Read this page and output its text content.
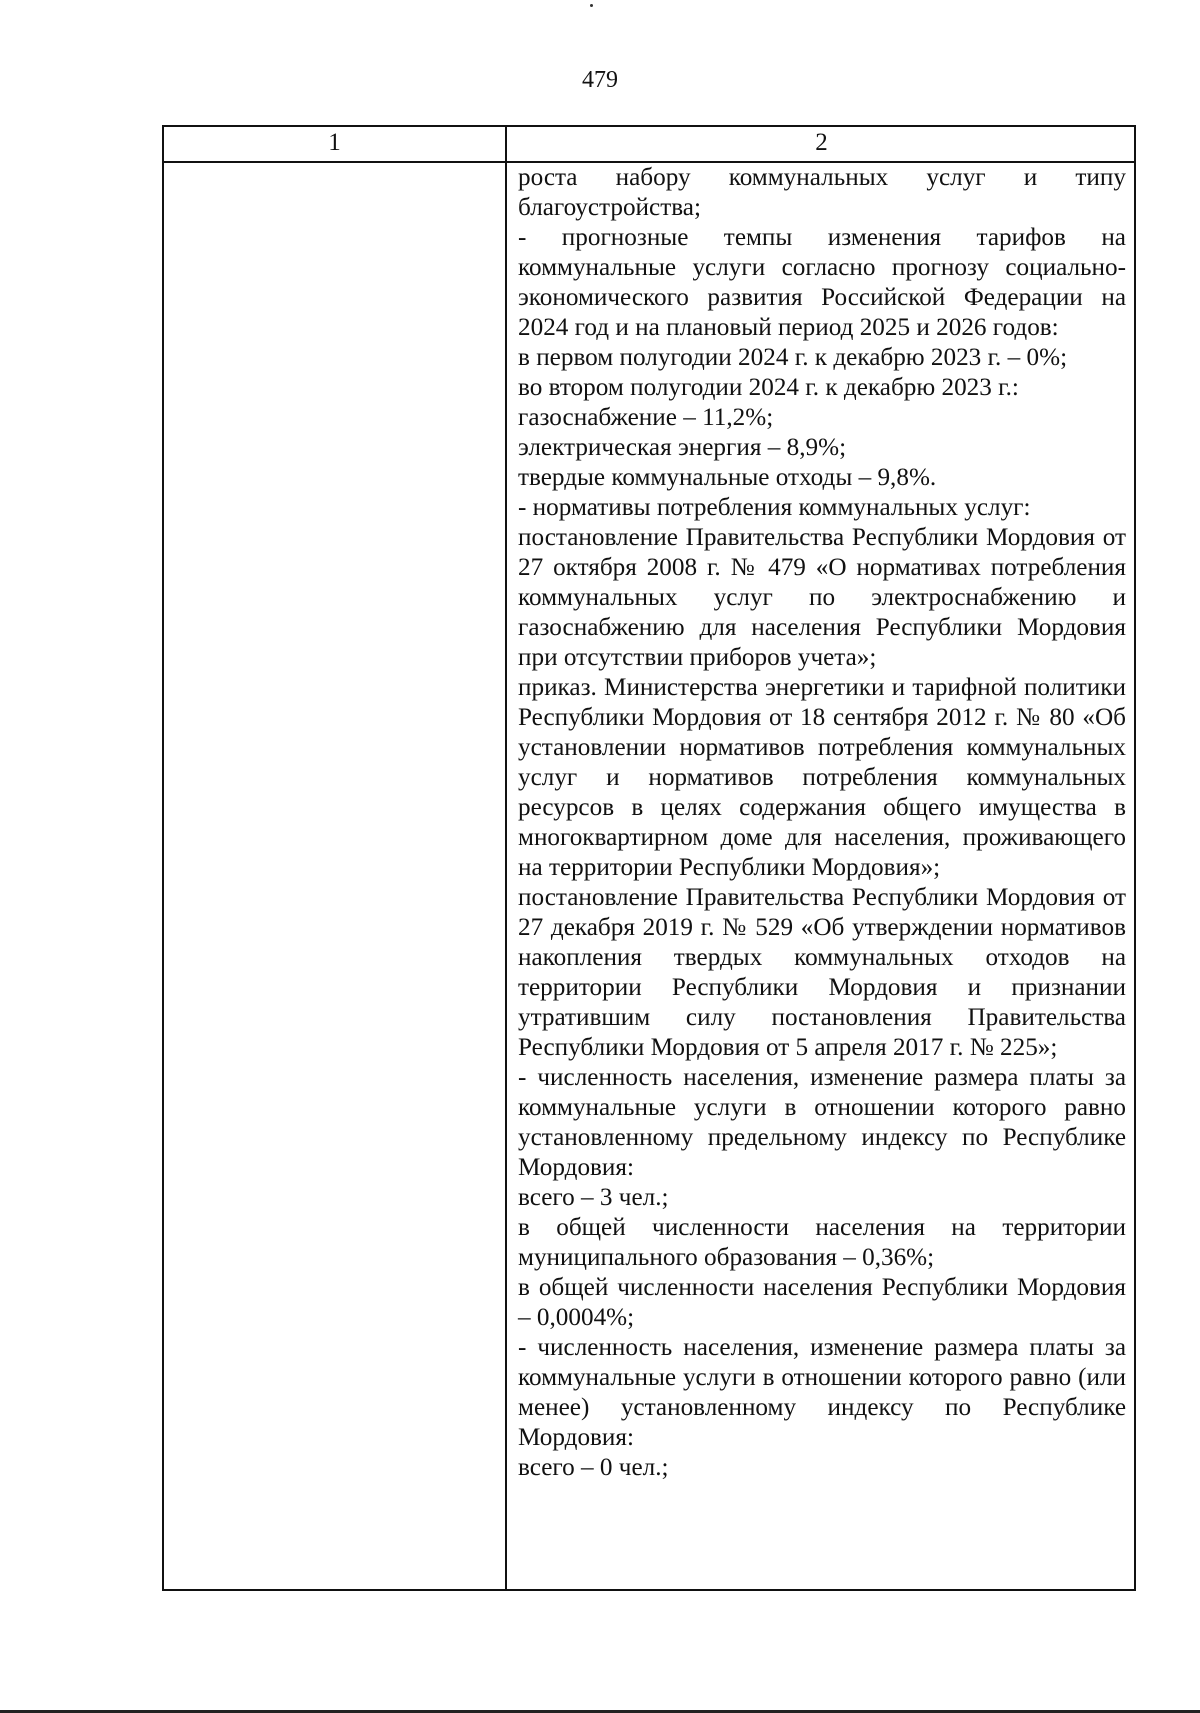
479
1	2

роста набору коммунальных услуг и типу благоустройства;

- прогнозные темпы изменения тарифов на коммунальные услуги согласно прогнозу социально-экономического развития Российской Федерации на 2024 год и на плановый период 2025 и 2026 годов:

в первом полугодии 2024 г. к декабрю 2023 г. – 0%;

во втором полугодии 2024 г. к декабрю 2023 г.:

газоснабжение – 11,2%;

электрическая энергия – 8,9%;

твердые коммунальные отходы – 9,8%.

- нормативы потребления коммунальных услуг:

постановление Правительства Республики Мордовия от 27 октября 2008 г. № 479 «О нормативах потребления коммунальных услуг по электроснабжению и газоснабжению для населения Республики Мордовия при отсутствии приборов учета»;

приказ. Министерства энергетики и тарифной политики Республики Мордовия от 18 сентября 2012 г. № 80 «Об установлении нормативов потребления коммунальных услуг и нормативов потребления коммунальных ресурсов в целях содержания общего имущества в многоквартирном доме для населения, проживающего на территории Республики Мордовия»;

постановление Правительства Республики Мордовия от 27 декабря 2019 г. № 529 «Об утверждении нормативов накопления твердых коммунальных отходов на территории Республики Мордовия и признании утратившим силу постановления Правительства Республики Мордовия от 5 апреля 2017 г. № 225»;

- численность населения, изменение размера платы за коммунальные услуги в отношении которого равно установленному предельному индексу по Республике Мордовия:

всего – 3 чел.;

в общей численности населения на территории муниципального образования – 0,36%;

в общей численности населения Республики Мордовия – 0,0004%;

- численность населения, изменение размера платы за коммунальные услуги в отношении которого равно (или менее) установленному индексу по Республике Мордовия:

всего – 0 чел.;
